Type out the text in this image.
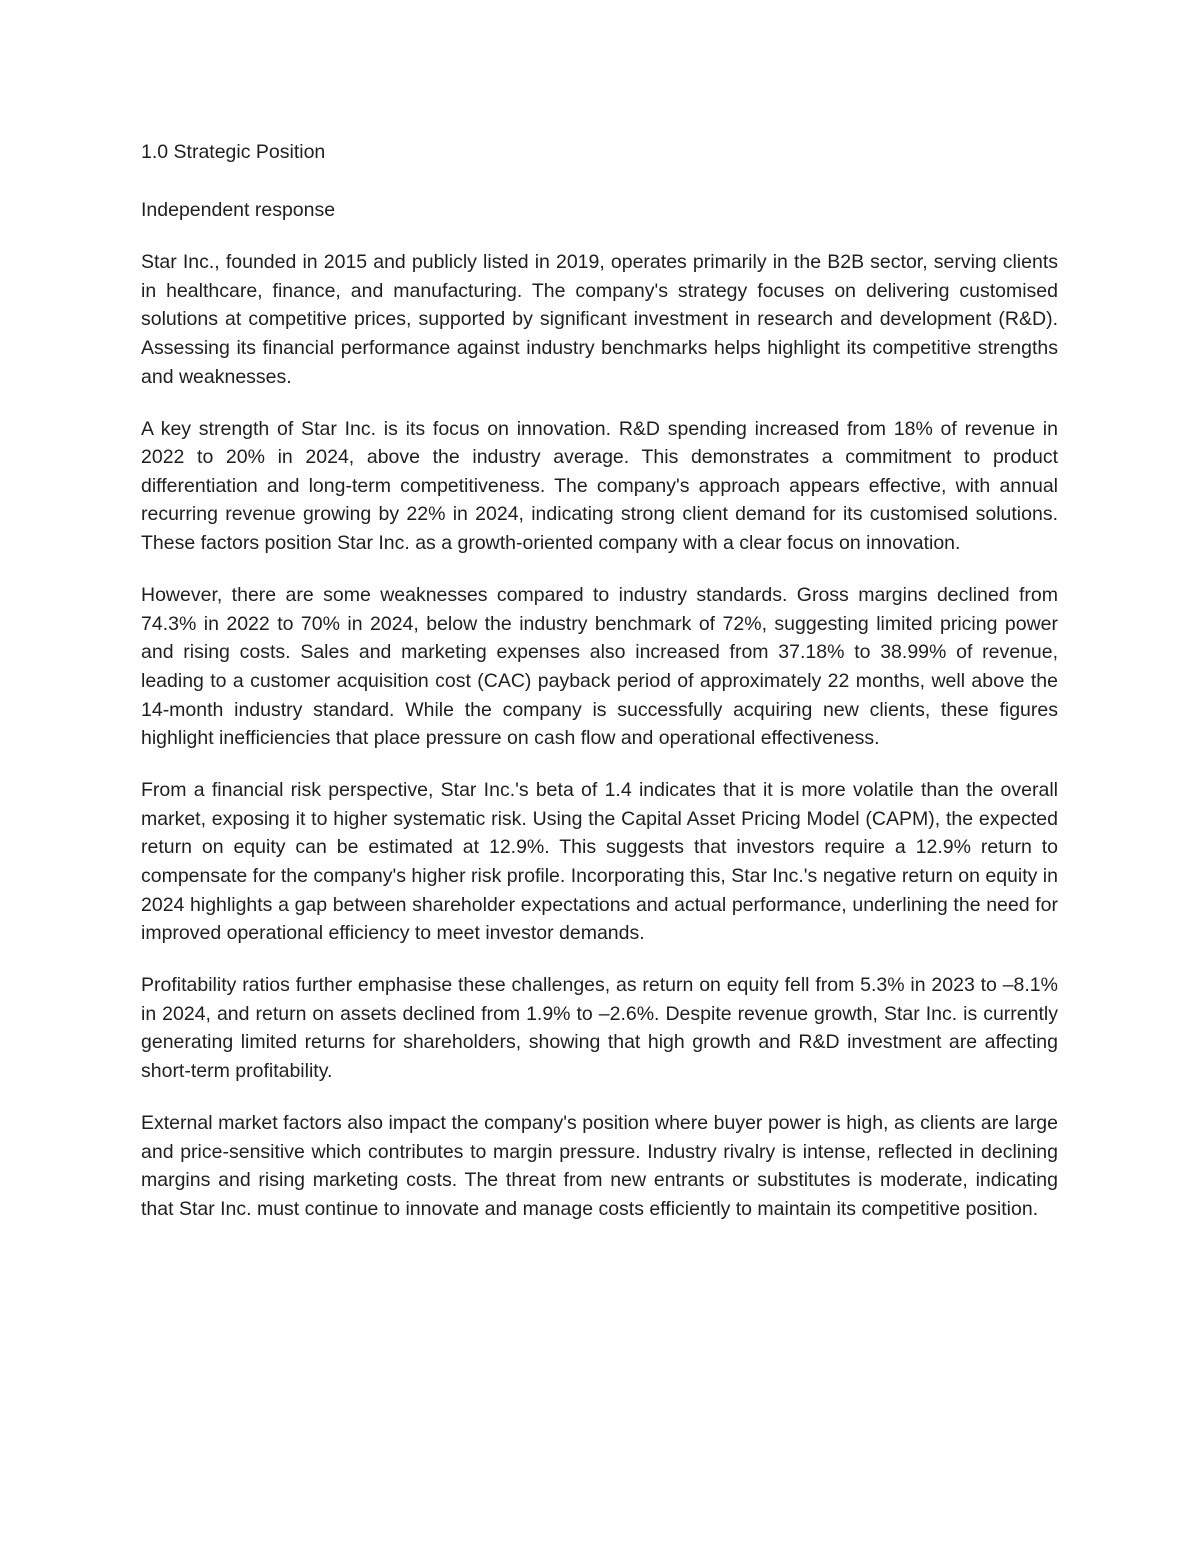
1.0 Strategic Position
Independent response

Star Inc., founded in 2015 and publicly listed in 2019, operates primarily in the B2B sector, serving clients in healthcare, finance, and manufacturing. The company's strategy focuses on delivering customised solutions at competitive prices, supported by significant investment in research and development (R&D). Assessing its financial performance against industry benchmarks helps highlight its competitive strengths and weaknesses.

A key strength of Star Inc. is its focus on innovation. R&D spending increased from 18% of revenue in 2022 to 20% in 2024, above the industry average. This demonstrates a commitment to product differentiation and long-term competitiveness. The company's approach appears effective, with annual recurring revenue growing by 22% in 2024, indicating strong client demand for its customised solutions. These factors position Star Inc. as a growth-oriented company with a clear focus on innovation.

However, there are some weaknesses compared to industry standards. Gross margins declined from 74.3% in 2022 to 70% in 2024, below the industry benchmark of 72%, suggesting limited pricing power and rising costs. Sales and marketing expenses also increased from 37.18% to 38.99% of revenue, leading to a customer acquisition cost (CAC) payback period of approximately 22 months, well above the 14-month industry standard. While the company is successfully acquiring new clients, these figures highlight inefficiencies that place pressure on cash flow and operational effectiveness.

From a financial risk perspective, Star Inc.'s beta of 1.4 indicates that it is more volatile than the overall market, exposing it to higher systematic risk. Using the Capital Asset Pricing Model (CAPM), the expected return on equity can be estimated at 12.9%. This suggests that investors require a 12.9% return to compensate for the company's higher risk profile. Incorporating this, Star Inc.'s negative return on equity in 2024 highlights a gap between shareholder expectations and actual performance, underlining the need for improved operational efficiency to meet investor demands.

Profitability ratios further emphasise these challenges, as return on equity fell from 5.3% in 2023 to –8.1% in 2024, and return on assets declined from 1.9% to –2.6%. Despite revenue growth, Star Inc. is currently generating limited returns for shareholders, showing that high growth and R&D investment are affecting short-term profitability.

External market factors also impact the company's position where buyer power is high, as clients are large and price-sensitive which contributes to margin pressure. Industry rivalry is intense, reflected in declining margins and rising marketing costs. The threat from new entrants or substitutes is moderate, indicating that Star Inc. must continue to innovate and manage costs efficiently to maintain its competitive position.
